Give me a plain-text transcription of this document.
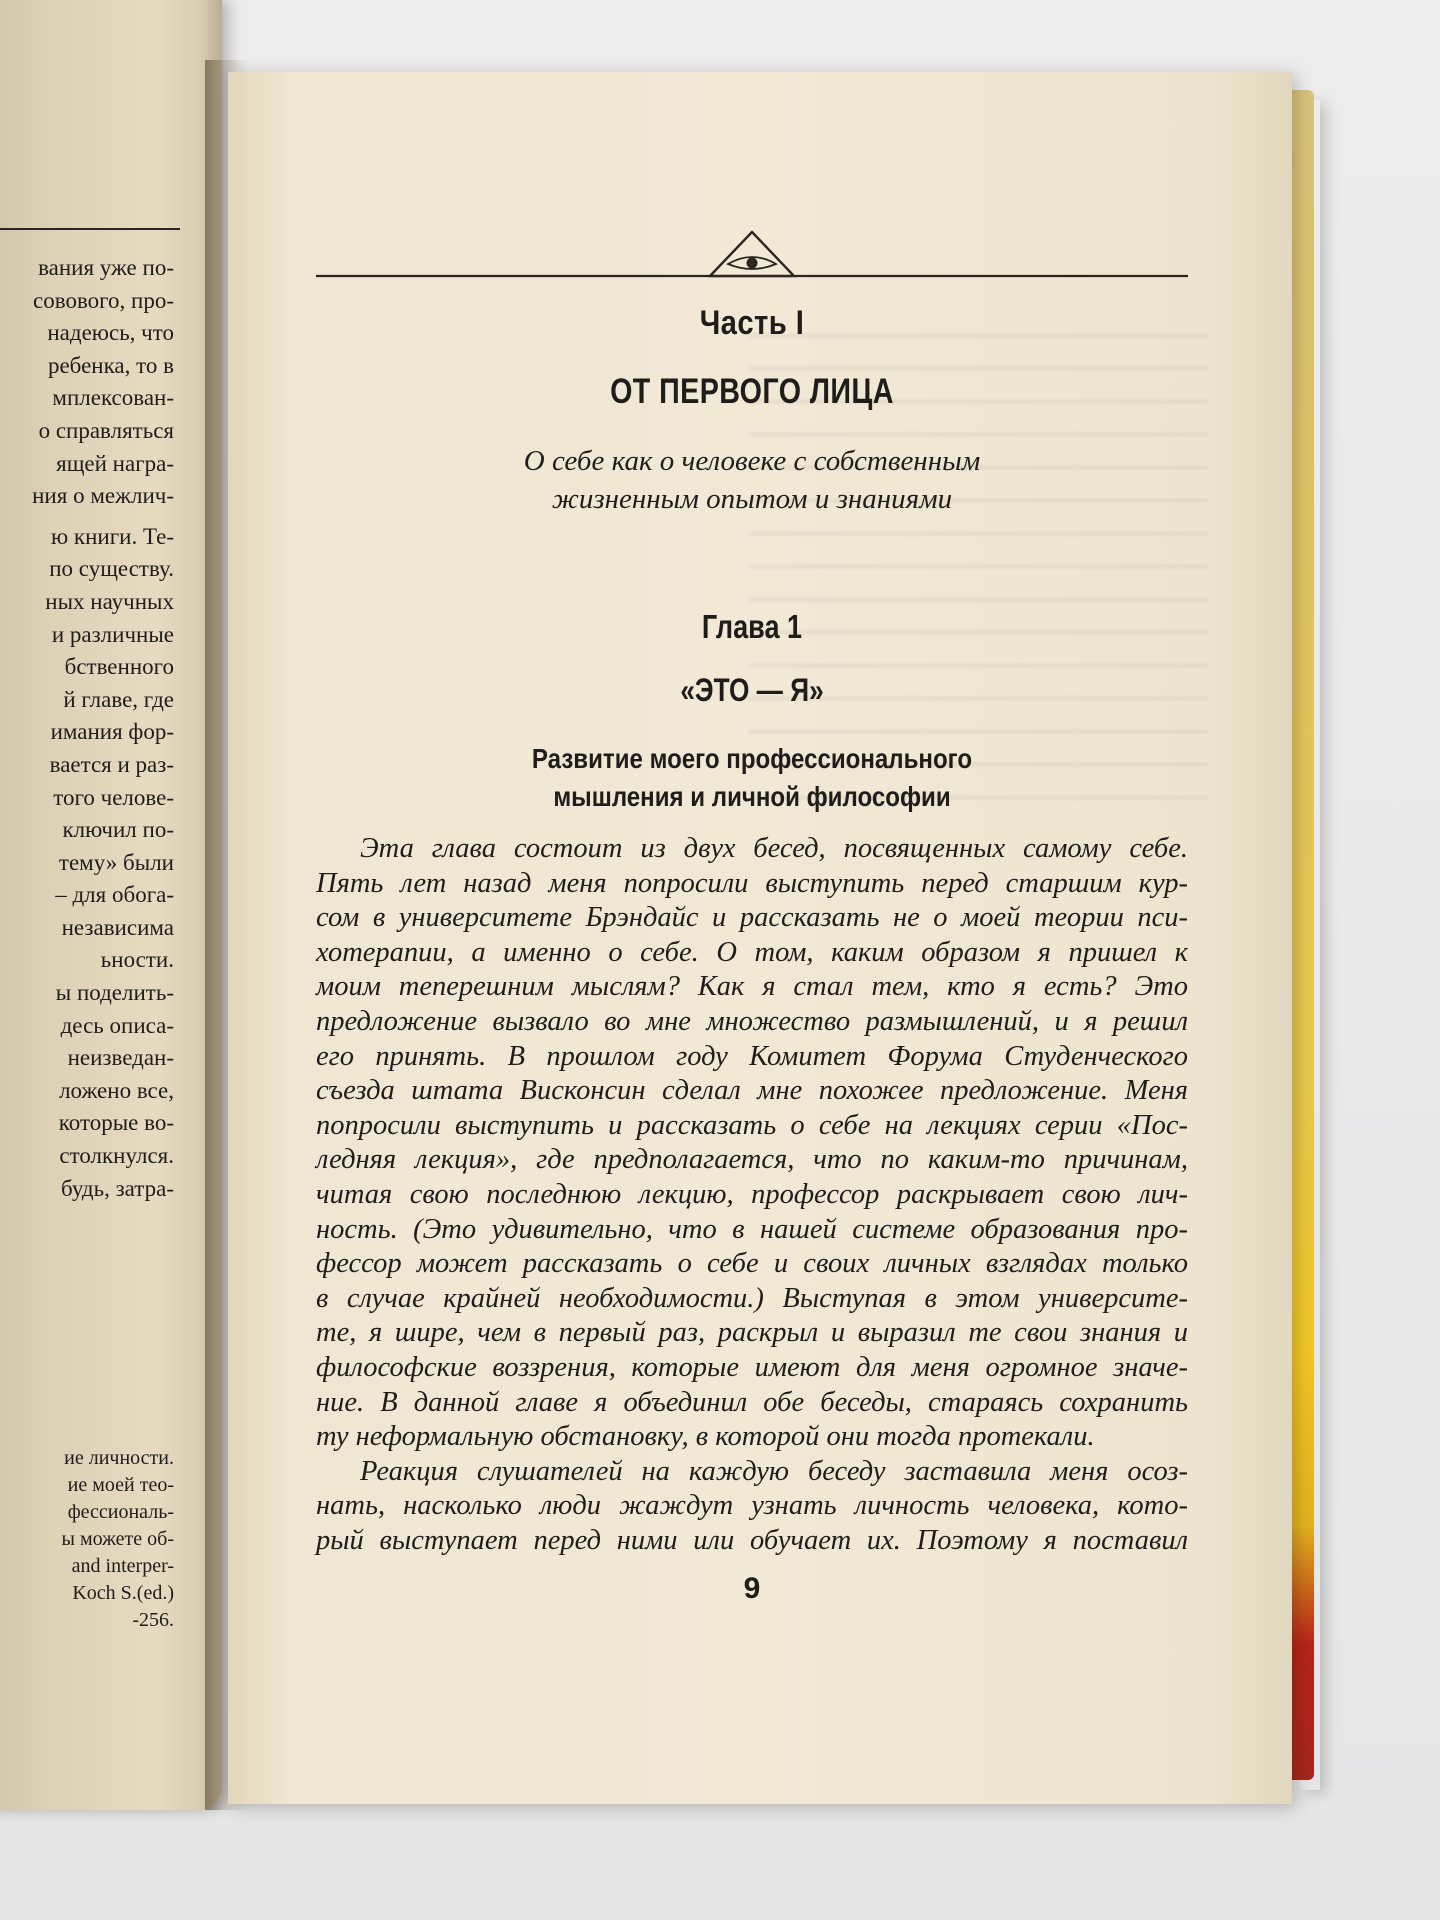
вания уже по-
совового, про-
надеюсь, что
ребенка, то в
мплексован-
о справляться
ящей награ-
ния о межлич-
ю книги. Те-
по существу.
ных научных
и различные
бственного
й главе, где
имания фор-
вается и раз-
того челове-
ключил по-
тему» были
– для обога-
независима
ьности.
ы поделить-
десь описа-
неизведан-
ложено все,
которые во-
столкнулся.
будь, затра-
ие личности.
ие моей тео-
фессиональ-
ы можете об-
and interper-
Koch S.(ed.)
-256.
Часть I
ОТ ПЕРВОГО ЛИЦА
О себе как о человеке с собственным
жизненным опытом и знаниями
Глава 1
«ЭТО — Я»
Развитие моего профессионального
мышления и личной философии
Эта глава состоит из двух бесед, посвященных самому себе.
Пять лет назад меня попросили выступить перед старшим кур-
сом в университете Брэндайс и рассказать не о моей теории пси-
хотерапии, а именно о себе. О том, каким образом я пришел к
моим теперешним мыслям? Как я стал тем, кто я есть? Это
предложение вызвало во мне множество размышлений, и я решил
его принять. В прошлом году Комитет Форума Студенческого
съезда штата Висконсин сделал мне похожее предложение. Меня
попросили выступить и рассказать о себе на лекциях серии «Пос-
ледняя лекция», где предполагается, что по каким-то причинам,
читая свою последнюю лекцию, профессор раскрывает свою лич-
ность. (Это удивительно, что в нашей системе образования про-
фессор может рассказать о себе и своих личных взглядах только
в случае крайней необходимости.) Выступая в этом университе-
те, я шире, чем в первый раз, раскрыл и выразил те свои знания и
философские воззрения, которые имеют для меня огромное значе-
ние. В данной главе я объединил обе беседы, стараясь сохранить
ту неформальную обстановку, в которой они тогда протекали.
Реакция слушателей на каждую беседу заставила меня осоз-
нать, насколько люди жаждут узнать личность человека, кото-
рый выступает перед ними или обучает их. Поэтому я поставил
9
